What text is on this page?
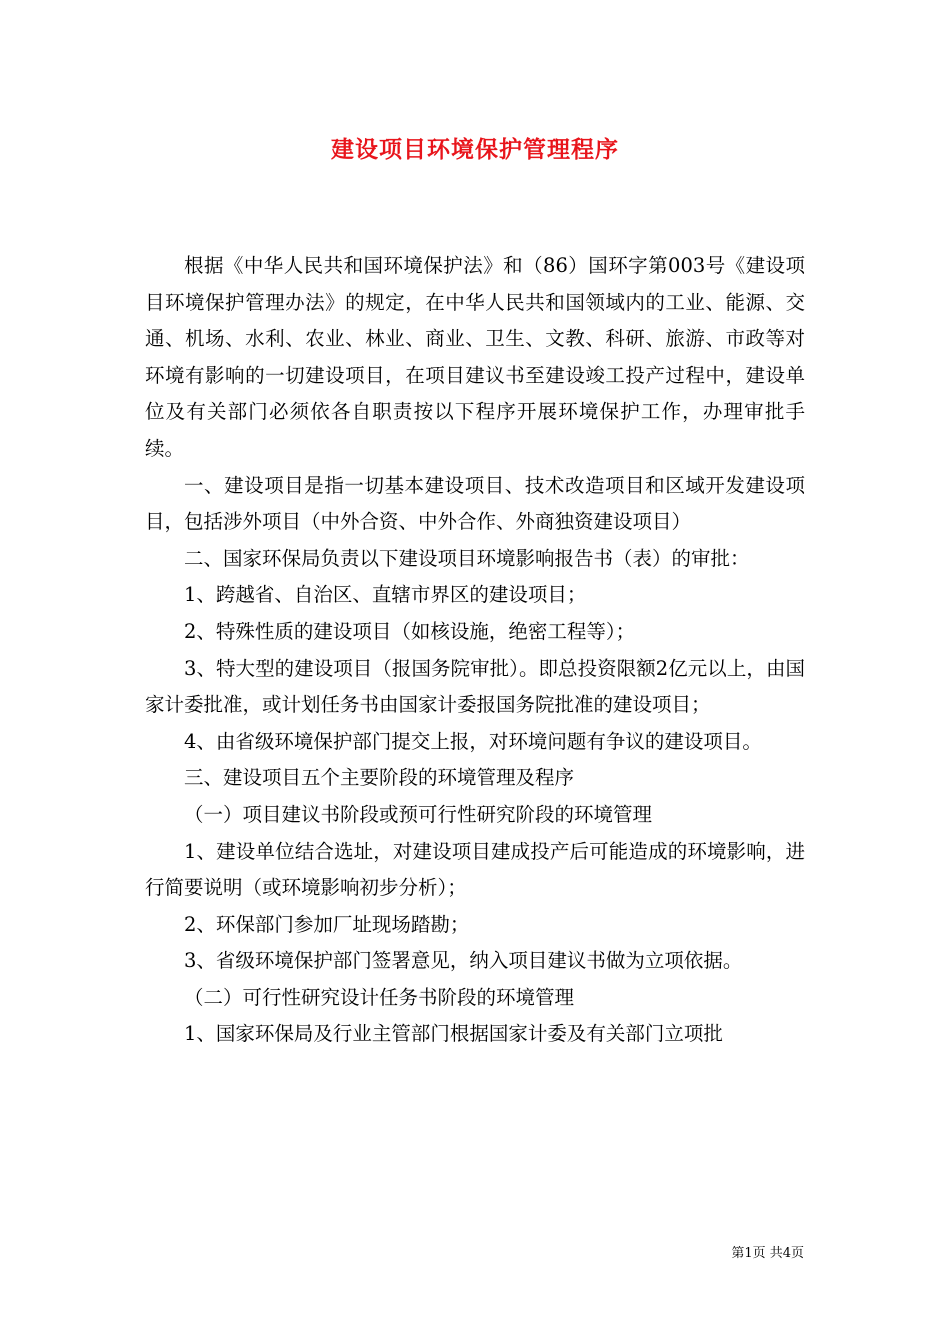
建设项目环境保护管理程序

根据《中华人民共和国环境保护法》和（86）国环字第003号《建设项目环境保护管理办法》的规定，在中华人民共和国领域内的工业、能源、交通、机场、水利、农业、林业、商业、卫生、文教、科研、旅游、市政等对环境有影响的一切建设项目，在项目建议书至建设竣工投产过程中，建设单位及有关部门必须依各自职责按以下程序开展环境保护工作，办理审批手续。

一、建设项目是指一切基本建设项目、技术改造项目和区域开发建设项目，包括涉外项目（中外合资、中外合作、外商独资建设项目）

二、国家环保局负责以下建设项目环境影响报告书（表）的审批：

1、跨越省、自治区、直辖市界区的建设项目；

2、特殊性质的建设项目（如核设施，绝密工程等）；

3、特大型的建设项目（报国务院审批）。即总投资限额2亿元以上，由国家计委批准，或计划任务书由国家计委报国务院批准的建设项目；

4、由省级环境保护部门提交上报，对环境问题有争议的建设项目。

三、建设项目五个主要阶段的环境管理及程序

（一）项目建议书阶段或预可行性研究阶段的环境管理

1、建设单位结合选址，对建设项目建成投产后可能造成的环境影响，进行简要说明（或环境影响初步分析）；

2、环保部门参加厂址现场踏勘；

3、省级环境保护部门签署意见，纳入项目建议书做为立项依据。

（二）可行性研究设计任务书阶段的环境管理

1、国家环保局及行业主管部门根据国家计委及有关部门立项批

第1页 共4页
